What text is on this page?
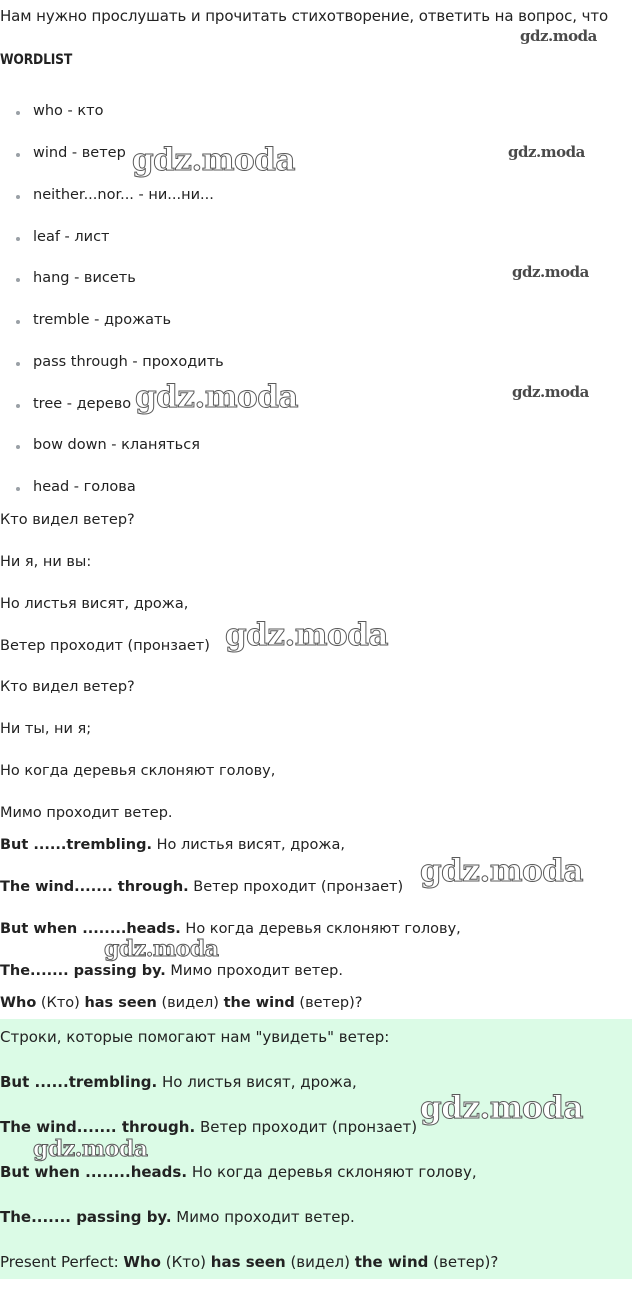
Нам нужно прослушать и прочитать стихотворение, ответить на вопрос, что
gdz.moda
WORDLIST
who - кто
wind - ветер
neither...nor... - ни...ни...
leaf - лист
hang - висеть
tremble - дрожать
pass through - проходить
tree - дерево
bow down - кланяться
head - голова
gdz.moda	gdz.moda
gdz.moda
gdz.moda	gdz.moda
Кто видел ветер?
Ни я, ни вы:
Но листья висят, дрожа,
Ветер проходит (пронзает)
Кто видел ветер?
Ни ты, ни я;
Но когда деревья склоняют голову,
Мимо проходит ветер.
gdz.moda
But ......trembling. Но листья висят, дрожа,
The wind....... through. Ветер проходит (пронзает)
But when ........heads. Но когда деревья склоняют голову,
The....... passing by. Мимо проходит ветер.
gdz.moda
gdz.moda
Who (Кто) has seen (видел) the wind (ветер)?
Строки, которые помогают нам "увидеть" ветер:
But ......trembling. Но листья висят, дрожа,
The wind....... through. Ветер проходит (пронзает)
But when ........heads. Но когда деревья склоняют голову,
The....... passing by. Мимо проходит ветер.
Present Perfect: Who (Кто) has seen (видел) the wind (ветер)?
gdz.moda
gdz.moda
